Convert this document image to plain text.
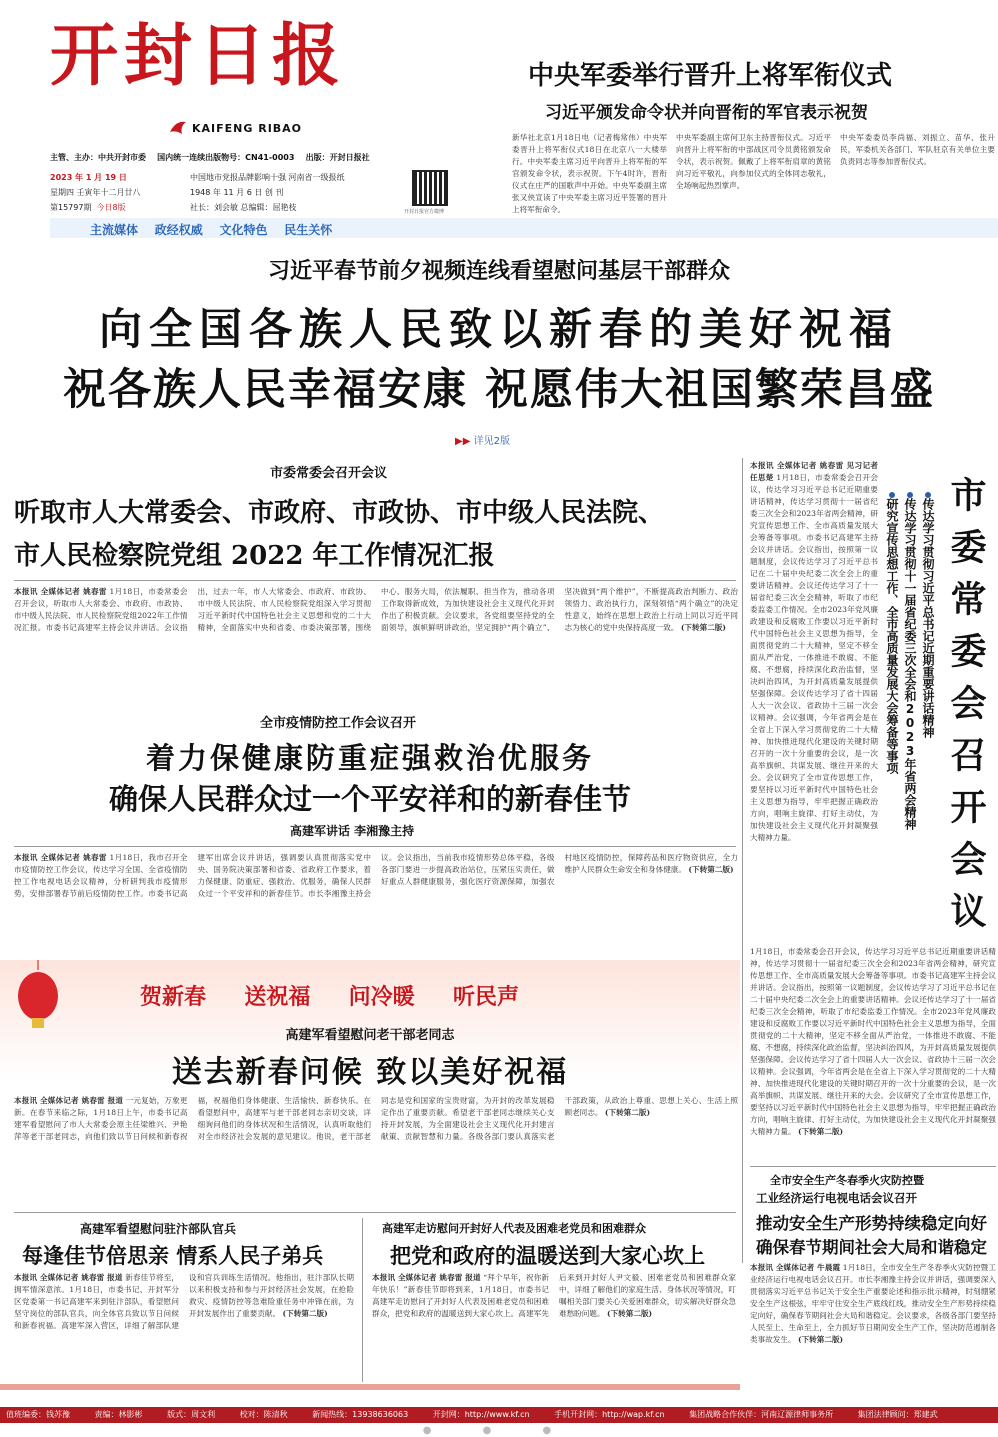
开封日报
KAIFENG RIBAO
主管、主办：中共开封市委 国内统一连续出版物号：CN41-0003 出版：开封日报社
2023 年 1 月 19 日
星期四 壬寅年十二月廿八
第15797期 今日8版
中国地市党报品牌影响十强 河南省一级报纸
1948 年 11 月 6 日 创 刊
社长：刘会敏 总编辑：屈艳枝	开封日报官方微博
主流媒体 政经权威 文化特色 民生关怀
中央军委举行晋升上将军衔仪式
习近平颁发命令状并向晋衔的军官表示祝贺
新华社北京1月18日电（记者梅常伟）中央军委晋升上将军衔仪式18日在北京八一大楼举行。中央军委主席习近平向晋升上将军衔的军官颁发命令状，表示祝贺。下午4时许，晋衔仪式在庄严的国歌声中开始。中央军委副主席张又侠宣读了中央军委主席习近平签署的晋升上将军衔命令。
中央军委副主席何卫东主持晋衔仪式。习近平向晋升上将军衔的中部战区司令员黄铭颁发命令状，表示祝贺。佩戴了上将军衔肩章的黄铭向习近平敬礼，向参加仪式的全体同志敬礼，全场响起热烈掌声。
中央军委委员李尚福、刘振立、苗华、张升民，军委机关各部门、军队驻京有关单位主要负责同志等参加晋衔仪式。
习近平春节前夕视频连线看望慰问基层干部群众
向全国各族人民致以新春的美好祝福
祝各族人民幸福安康 祝愿伟大祖国繁荣昌盛
▶▶ 详见2版
市委常委会召开会议
听取市人大常委会、市政府、市政协、市中级人民法院、
市人民检察院党组 2022 年工作情况汇报
本报讯 全媒体记者 姚春雷 1月18日，市委常委会召开会议，听取市人大常委会、市政府、市政协、市中级人民法院、市人民检察院党组2022年工作情况汇报。市委书记高建军主持会议并讲话。会议指出，过去一年，市人大常委会、市政府、市政协、市中级人民法院、市人民检察院党组深入学习贯彻习近平新时代中国特色社会主义思想和党的二十大精神，全面落实中央和省委、市委决策部署，围绕中心、服务大局，依法履职、担当作为，推动各项工作取得新成效，为加快建设社会主义现代化开封作出了积极贡献。会议要求，各党组要坚持党的全面领导，旗帜鲜明讲政治，坚定拥护“两个确立”、坚决做到“两个维护”，不断提高政治判断力、政治领悟力、政治执行力，深刻领悟“两个确立”的决定性意义，始终在思想上政治上行动上同以习近平同志为核心的党中央保持高度一致。 (下转第二版)
全市疫情防控工作会议召开
着力保健康防重症强救治优服务
确保人民群众过一个平安祥和的新春佳节
高建军讲话 李湘豫主持
本报讯 全媒体记者 姚春雷 1月18日，我市召开全市疫情防控工作会议，传达学习全国、全省疫情防控工作电视电话会议精神，分析研判我市疫情形势，安排部署春节前后疫情防控工作。市委书记高建军出席会议并讲话，强调要认真贯彻落实党中央、国务院决策部署和省委、省政府工作要求，着力保健康、防重症、强救治、优服务，确保人民群众过一个平安祥和的新春佳节。市长李湘豫主持会议。会议指出，当前我市疫情形势总体平稳，各级各部门要进一步提高政治站位，压紧压实责任，做好重点人群健康服务，强化医疗资源保障，加强农村地区疫情防控，保障药品和医疗物资供应，全力维护人民群众生命安全和身体健康。 (下转第二版)
本报讯 全媒体记者 姚春雷 见习记者 任思楚 1月18日，市委常委会召开会议，传达学习习近平总书记近期重要讲话精神，传达学习贯彻十一届省纪委三次全会和2023年省两会精神，研究宣传思想工作、全市高质量发展大会筹备等事项。市委书记高建军主持会议并讲话。会议指出，按照第一议题制度，会议传达学习了习近平总书记在二十届中央纪委二次全会上的重要讲话精神。会议还传达学习了十一届省纪委三次全会精神，听取了市纪委监委工作情况。全市2023年党风廉政建设和反腐败工作要以习近平新时代中国特色社会主义思想为指导，全面贯彻党的二十大精神，坚定不移全面从严治党，一体推进不敢腐、不能腐、不想腐，持续深化政治监督，坚决纠治四风，为开封高质量发展提供坚强保障。会议传达学习了省十四届人大一次会议、省政协十三届一次会议精神。会议强调，今年省两会是在全省上下深入学习贯彻党的二十大精神、加快推进现代化建设的关键时期召开的一次十分重要的会议，是一次高举旗帜、共谋发展、继往开来的大会。会议研究了全市宣传思想工作，要坚持以习近平新时代中国特色社会主义思想为指导，牢牢把握正确政治方向，唱响主旋律、打好主动仗，为加快建设社会主义现代化开封凝聚强大精神力量。
传达学习贯彻习近平总书记近期重要讲话精神
传达学习贯彻十一届省纪委三次全会和2023年省两会精神
研究宣传思想工作、全市高质量发展大会筹备等事项 市委常委会召开会议
1月18日，市委常委会召开会议，传达学习习近平总书记近期重要讲话精神，传达学习贯彻十一届省纪委三次全会和2023年省两会精神，研究宣传思想工作、全市高质量发展大会筹备等事项。市委书记高建军主持会议并讲话。会议指出，按照第一议题制度，会议传达学习了习近平总书记在二十届中央纪委二次全会上的重要讲话精神。会议还传达学习了十一届省纪委三次全会精神，听取了市纪委监委工作情况。全市2023年党风廉政建设和反腐败工作要以习近平新时代中国特色社会主义思想为指导，全面贯彻党的二十大精神，坚定不移全面从严治党，一体推进不敢腐、不能腐、不想腐，持续深化政治监督，坚决纠治四风，为开封高质量发展提供坚强保障。会议传达学习了省十四届人大一次会议、省政协十三届一次会议精神。会议强调，今年省两会是在全省上下深入学习贯彻党的二十大精神、加快推进现代化建设的关键时期召开的一次十分重要的会议，是一次高举旗帜、共谋发展、继往开来的大会。会议研究了全市宣传思想工作，要坚持以习近平新时代中国特色社会主义思想为指导，牢牢把握正确政治方向，唱响主旋律、打好主动仗，为加快建设社会主义现代化开封凝聚强大精神力量。 (下转第二版)
贺新春 送祝福 问冷暖 听民声
高建军看望慰问老干部老同志
送去新春问候 致以美好祝福
本报讯 全媒体记者 姚春雷 报道 一元复始，万象更新。在春节来临之际，1月18日上午，市委书记高建军看望慰问了市人大常委会原主任梁维兴、尹艳萍等老干部老同志，向他们致以节日问候和新春祝福，祝福他们身体健康、生活愉快、新春快乐。在看望慰问中，高建军与老干部老同志亲切交谈，详细询问他们的身体状况和生活情况，认真听取他们对全市经济社会发展的意见建议。他说，老干部老同志是党和国家的宝贵财富，为开封的改革发展稳定作出了重要贡献。希望老干部老同志继续关心支持开封发展，为全面建设社会主义现代化开封建言献策、贡献智慧和力量。各级各部门要认真落实老干部政策，从政治上尊重、思想上关心、生活上照顾老同志。 (下转第二版)
高建军看望慰问驻汴部队官兵
每逢佳节倍思亲 情系人民子弟兵
本报讯 全媒体记者 姚春雷 报道 新春佳节将至，拥军情深意浓。1月18日，市委书记、开封军分区党委第一书记高建军来到驻汴部队，看望慰问坚守岗位的部队官兵，向全体官兵致以节日问候和新春祝福。高建军深入营区，详细了解部队建设和官兵训练生活情况。他指出，驻汴部队长期以来积极支持和参与开封经济社会发展，在抢险救灾、疫情防控等急难险重任务中冲锋在前，为开封发展作出了重要贡献。 (下转第二版)
高建军走访慰问开封好人代表及困难老党员和困难群众
把党和政府的温暖送到大家心坎上
本报讯 全媒体记者 姚春雷 报道 “拜个早年，祝你新年快乐！”新春佳节即将到来，1月18日，市委书记高建军走访慰问了开封好人代表及困难老党员和困难群众，把党和政府的温暖送到大家心坎上。高建军先后来到开封好人尹文毅、困难老党员和困难群众家中，详细了解他们的家庭生活、身体状况等情况，叮嘱相关部门要关心关爱困难群众，切实解决好群众急难愁盼问题。 (下转第二版)
全市安全生产冬春季火灾防控暨
工业经济运行电视电话会议召开
推动安全生产形势持续稳定向好
确保春节期间社会大局和谐稳定
本报讯 全媒体记者 牛晨霞 1月18日，全市安全生产冬春季火灾防控暨工业经济运行电视电话会议召开。市长李湘豫主持会议并讲话，强调要深入贯彻落实习近平总书记关于安全生产重要论述和指示批示精神，时刻绷紧安全生产这根弦，牢牢守住安全生产底线红线，推动安全生产形势持续稳定向好，确保春节期间社会大局和谐稳定。会议要求，各级各部门要坚持人民至上、生命至上，全力抓好节日期间安全生产工作，坚决防范遏制各类事故发生。 (下转第二版)
值班编委：钱苏豫	责编：林影彬	版式：周文利	校对：陈清秋	新闻热线：13938636063	开封网：http://www.kf.cn	手机开封网：http://wap.kf.cn	集团战略合作伙伴：河南辽源律师事务所	集团法律顾问：郑建武
● ● ●
